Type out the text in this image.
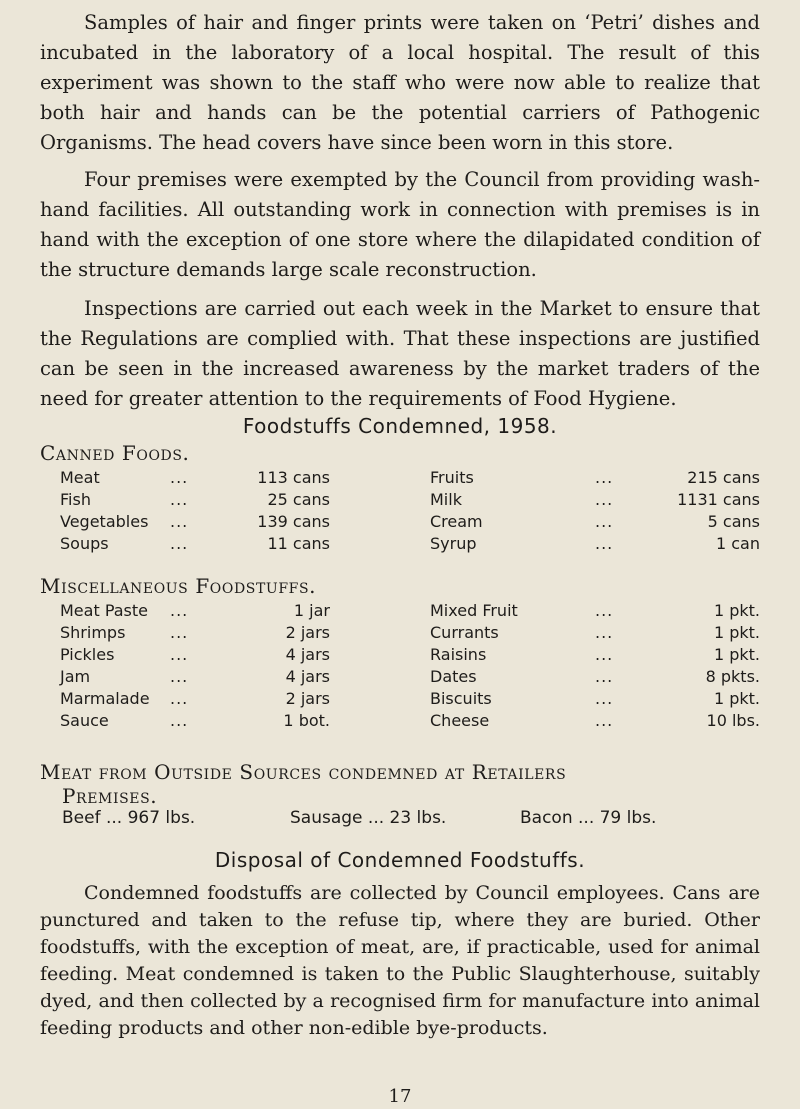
Samples of hair and finger prints were taken on ‘Petri’ dishes and incubated in the laboratory of a local hospital. The result of this experiment was shown to the staff who were now able to realize that both hair and hands can be the potential carriers of Pathogenic Organisms. The head covers have since been worn in this store.

Four premises were exempted by the Council from providing wash-hand facilities. All outstanding work in connection with premises is in hand with the exception of one store where the dilapidated condition of the structure demands large scale reconstruction.

Inspections are carried out each week in the Market to ensure that the Regulations are complied with. That these inspections are justified can be seen in the increased awareness by the market traders of the need for greater attention to the requirements of Food Hygiene.

Foodstuffs Condemned, 1958.
Canned Foods.
Meat	...	113 cans	Fruits	...	215 cans
Fish	...	25 cans	Milk	...	1131 cans
Vegetables ...	139 cans	Cream	...	5 cans
Soups	...	11 cans	Syrup	...	1 can
Miscellaneous Foodstuffs.
Meat Paste ...	1 jar	Mixed Fruit	...	1 pkt.
Shrimps	...	2 jars	Currants	...	1 pkt.
Pickles	...	4 jars	Raisins	...	1 pkt.
Jam	...	4 jars	Dates	...	8 pkts.
Marmalade ...	2 jars	Biscuits	...	1 pkt.
Sauce	...	1 bot.	Cheese	...	10 lbs.
Meat from Outside Sources condemned at Retailers
Premises.
Beef ... 967 lbs.	Sausage ... 23 lbs.	Bacon ... 79 lbs.
Disposal of Condemned Foodstuffs.

Condemned foodstuffs are collected by Council employees. Cans are punctured and taken to the refuse tip, where they are buried. Other foodstuffs, with the exception of meat, are, if practicable, used for animal feeding. Meat condemned is taken to the Public Slaughterhouse, suitably dyed, and then collected by a recognised firm for manufacture into animal feeding products and other non-edible bye-products.

17
